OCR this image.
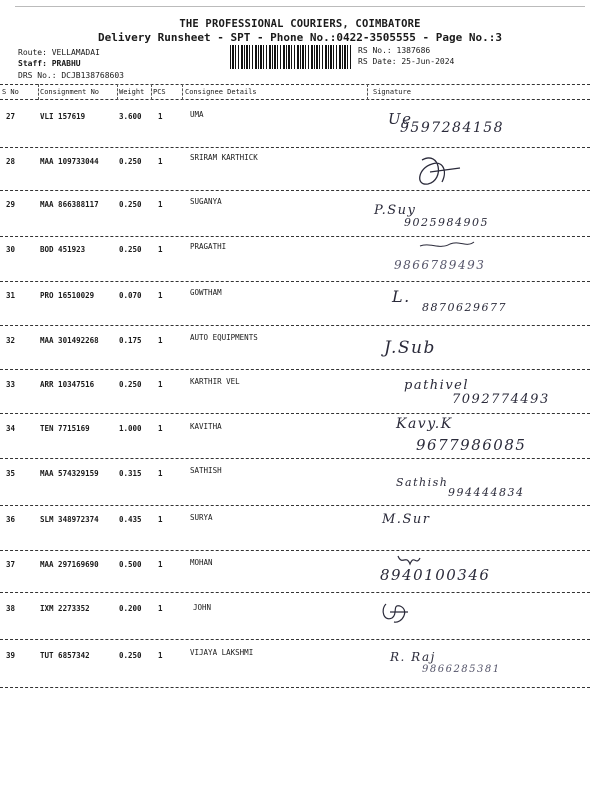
THE PROFESSIONAL COURIERS, COIMBATORE
Delivery Runsheet - SPT - Phone No.:0422-3505555 - Page No.:3
Route: VELLAMADAI
Staff: PRABHU
DRS No.: DCJB138768603
RS No.: 1387686
RS Date: 25-Jun-2024
S No	Consignment No	Weight PCS	Consignee Details	Signature
27	VLI 157619	3.600 1	UMA	Ue
9597284158
28	MAA 109733044	0.250 1	SRIRAM KARTHICK
29	MAA 866388117	0.250 1	SUGANYA
P.Suy
9025984905
30	BOD 451923	0.250 1	PRAGATHI
9866789493
31	PRO 16510029	0.070 1	GOWTHAM	L.
8870629677
32	MAA 301492268	0.175 1	AUTO EQUIPMENTS
J.Sub
33	ARR 10347516	0.250 1	KARTHIR VEL	pathivel
7092774493
34	TEN 7715169	1.000 1	KAVITHA	Kavy.K
9677986085
35	MAA 574329159	0.315 1	SATHISH
Sathish
994444834
36	SLM 348972374	0.435 1	SURYA	M.Sur
37	MAA 297169690	0.500 1	MOHAN
8940100346
38	IXM 2273352	0.200 1	JOHN
39	TUT 6857342	0.250 1	VIJAYA LAKSHMI	R. Raj
9866285381
